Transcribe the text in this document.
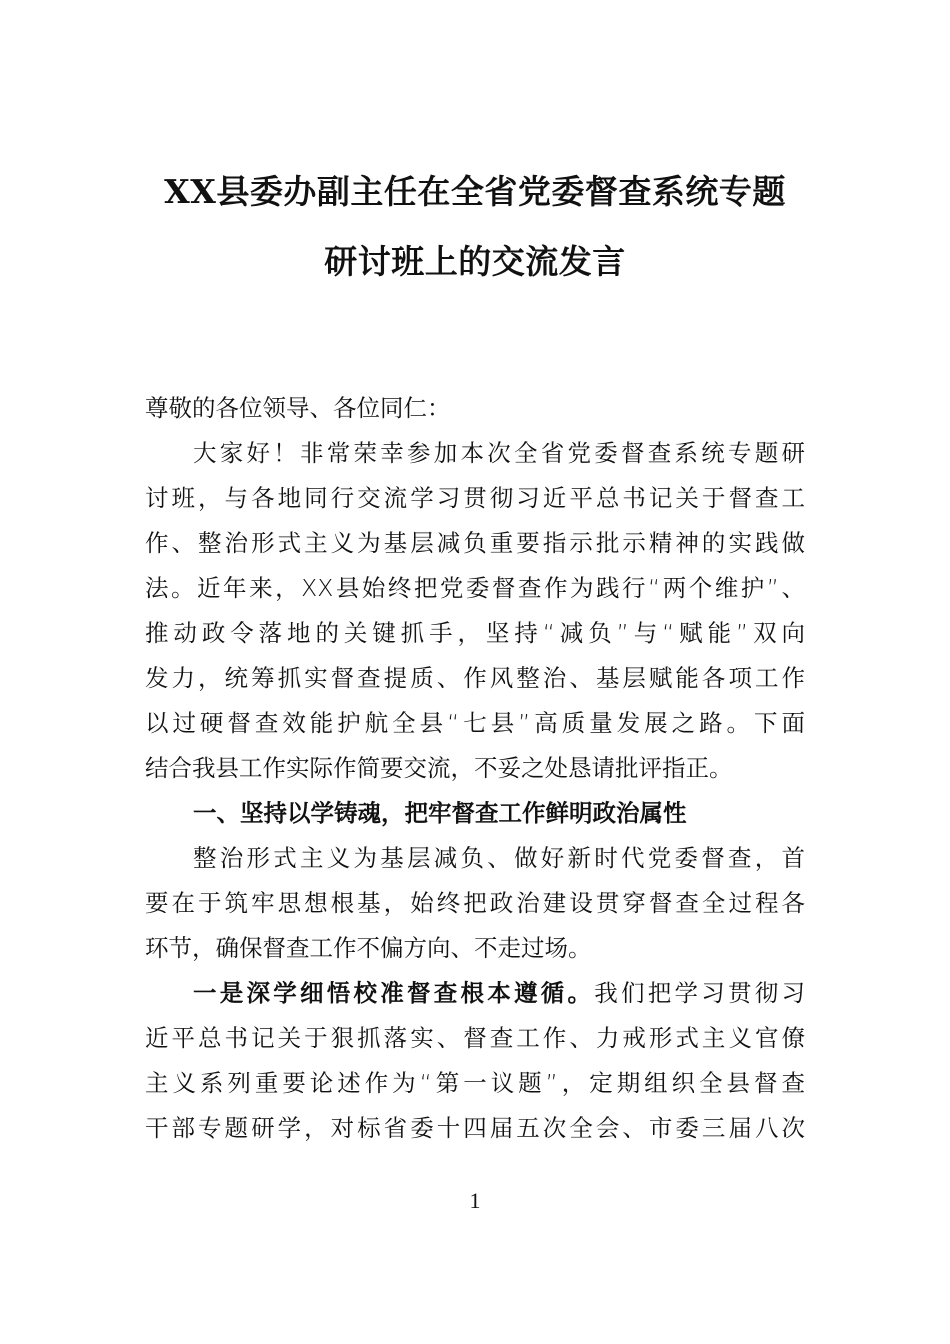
XX县委办副主任在全省党委督查系统专题
研讨班上的交流发言
尊敬的各位领导、各位同仁：
大家好！非常荣幸参加本次全省党委督查系统专题研
讨班，与各地同行交流学习贯彻习近平总书记关于督查工
作、整治形式主义为基层减负重要指示批示精神的实践做
法。近年来，XX县始终把党委督查作为践行“两个维护”、
推动政令落地的关键抓手，坚持“减负”与“赋能”双向
发力，统筹抓实督查提质、作风整治、基层赋能各项工作
以过硬督查效能护航全县“七县”高质量发展之路。下面
结合我县工作实际作简要交流，不妥之处恳请批评指正。
一、坚持以学铸魂，把牢督查工作鲜明政治属性
整治形式主义为基层减负、做好新时代党委督查，首
要在于筑牢思想根基，始终把政治建设贯穿督查全过程各
环节，确保督查工作不偏方向、不走过场。
一是深学细悟校准督查根本遵循。我们把学习贯彻习
近平总书记关于狠抓落实、督查工作、力戒形式主义官僚
主义系列重要论述作为“第一议题”，定期组织全县督查
干部专题研学，对标省委十四届五次全会、市委三届八次
1
